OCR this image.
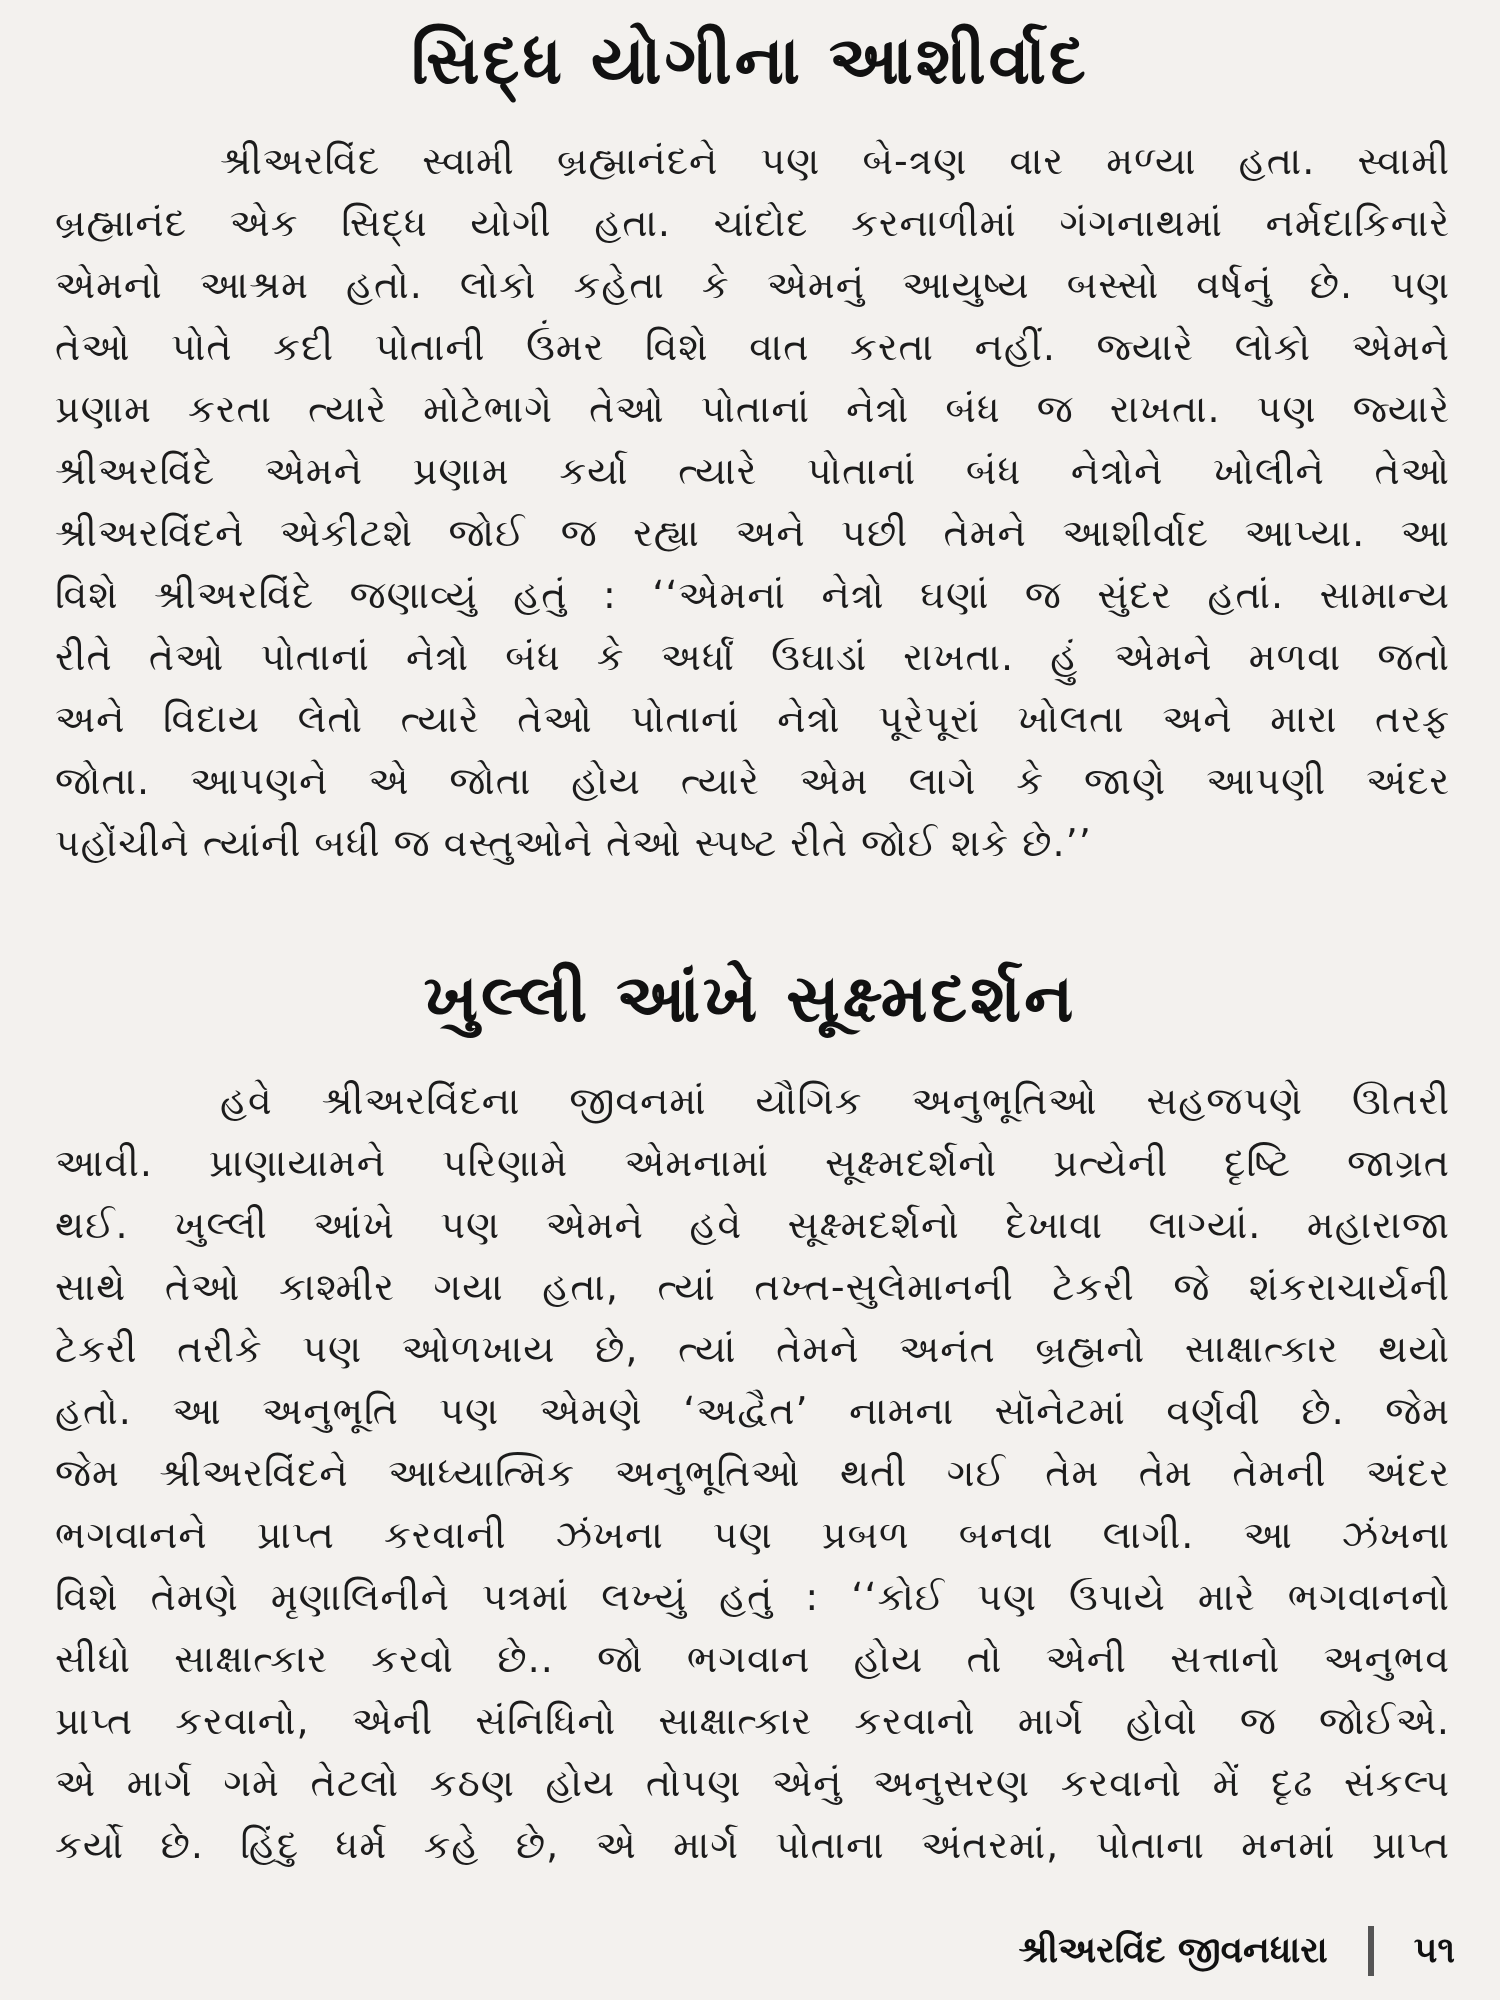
સિદ્ધ યોગીના આશીર્વાદ
શ્રીઅરવિંદ સ્વામી બ્રહ્માનંદને પણ બે-ત્રણ વાર મળ્યા હતા. સ્વામી
બ્રહ્માનંદ એક સિદ્ધ યોગી હતા. ચાંદોદ કરનાળીમાં ગંગનાથમાં નર્મદાકિનારે
એમનો આશ્રમ હતો. લોકો કહેતા કે એમનું આયુષ્ય બસ્સો વર્ષનું છે. પણ
તેઓ પોતે કદી પોતાની ઉંમર વિશે વાત કરતા નહીં. જ્યારે લોકો એમને
પ્રણામ કરતા ત્યારે મોટેભાગે તેઓ પોતાનાં નેત્રો બંધ જ રાખતા. પણ જ્યારે
શ્રીઅરવિંદે એમને પ્રણામ કર્યા ત્યારે પોતાનાં બંધ નેત્રોને ખોલીને તેઓ
શ્રીઅરવિંદને એકીટશે જોઈ જ રહ્યા અને પછી તેમને આશીર્વાદ આપ્યા. આ
વિશે શ્રીઅરવિંદે જણાવ્યું હતું : ‘‘એમનાં નેત્રો ઘણાં જ સુંદર હતાં. સામાન્ય
રીતે તેઓ પોતાનાં નેત્રો બંધ કે અર્ધાં ઉઘાડાં રાખતા. હું એમને મળવા જતો
અને વિદાય લેતો ત્યારે તેઓ પોતાનાં નેત્રો પૂરેપૂરાં ખોલતા અને મારા તરફ
જોતા. આપણને એ જોતા હોય ત્યારે એમ લાગે કે જાણે આપણી અંદર
પહોંચીને ત્યાંની બધી જ વસ્તુઓને તેઓ સ્પષ્ટ રીતે જોઈ શકે છે.’’
ખુલ્લી આંખે સૂક્ષ્મદર્શન
હવે શ્રીઅરવિંદના જીવનમાં યૌગિક અનુભૂતિઓ સહજપણે ઊતરી
આવી. પ્રાણાયામને પરિણામે એમનામાં સૂક્ષ્મદર્શનો પ્રત્યેની દૃષ્ટિ જાગ્રત
થઈ. ખુલ્લી આંખે પણ એમને હવે સૂક્ષ્મદર્શનો દેખાવા લાગ્યાં. મહારાજા
સાથે તેઓ કાશ્મીર ગયા હતા, ત્યાં તખ્ત-સુલેમાનની ટેકરી જે શંકરાચાર્યની
ટેકરી તરીકે પણ ઓળખાય છે, ત્યાં તેમને અનંત બ્રહ્મનો સાક્ષાત્કાર થયો
હતો. આ અનુભૂતિ પણ એમણે ‘અદ્વૈત’ નામના સૉનેટમાં વર્ણવી છે. જેમ
જેમ શ્રીઅરવિંદને આધ્યાત્મિક અનુભૂતિઓ થતી ગઈ તેમ તેમ તેમની અંદર
ભગવાનને પ્રાપ્ત કરવાની ઝંખના પણ પ્રબળ બનવા લાગી. આ ઝંખના
વિશે તેમણે મૃણાલિનીને પત્રમાં લખ્યું હતું : ‘‘કોઈ પણ ઉપાયે મારે ભગવાનનો
સીધો સાક્ષાત્કાર કરવો છે.. જો ભગવાન હોય તો એની સત્તાનો અનુભવ
પ્રાપ્ત કરવાનો, એની સંનિધિનો સાક્ષાત્કાર કરવાનો માર્ગ હોવો જ જોઈએ.
એ માર્ગ ગમે તેટલો કઠણ હોય તોપણ એનું અનુસરણ કરવાનો મેં દૃઢ સંકલ્પ
કર્યો છે. હિંદુ ધર્મ કહે છે, એ માર્ગ પોતાના અંતરમાં, પોતાના મનમાં પ્રાપ્ત
શ્રીઅરવિંદ જીવનધારા ૫૧
